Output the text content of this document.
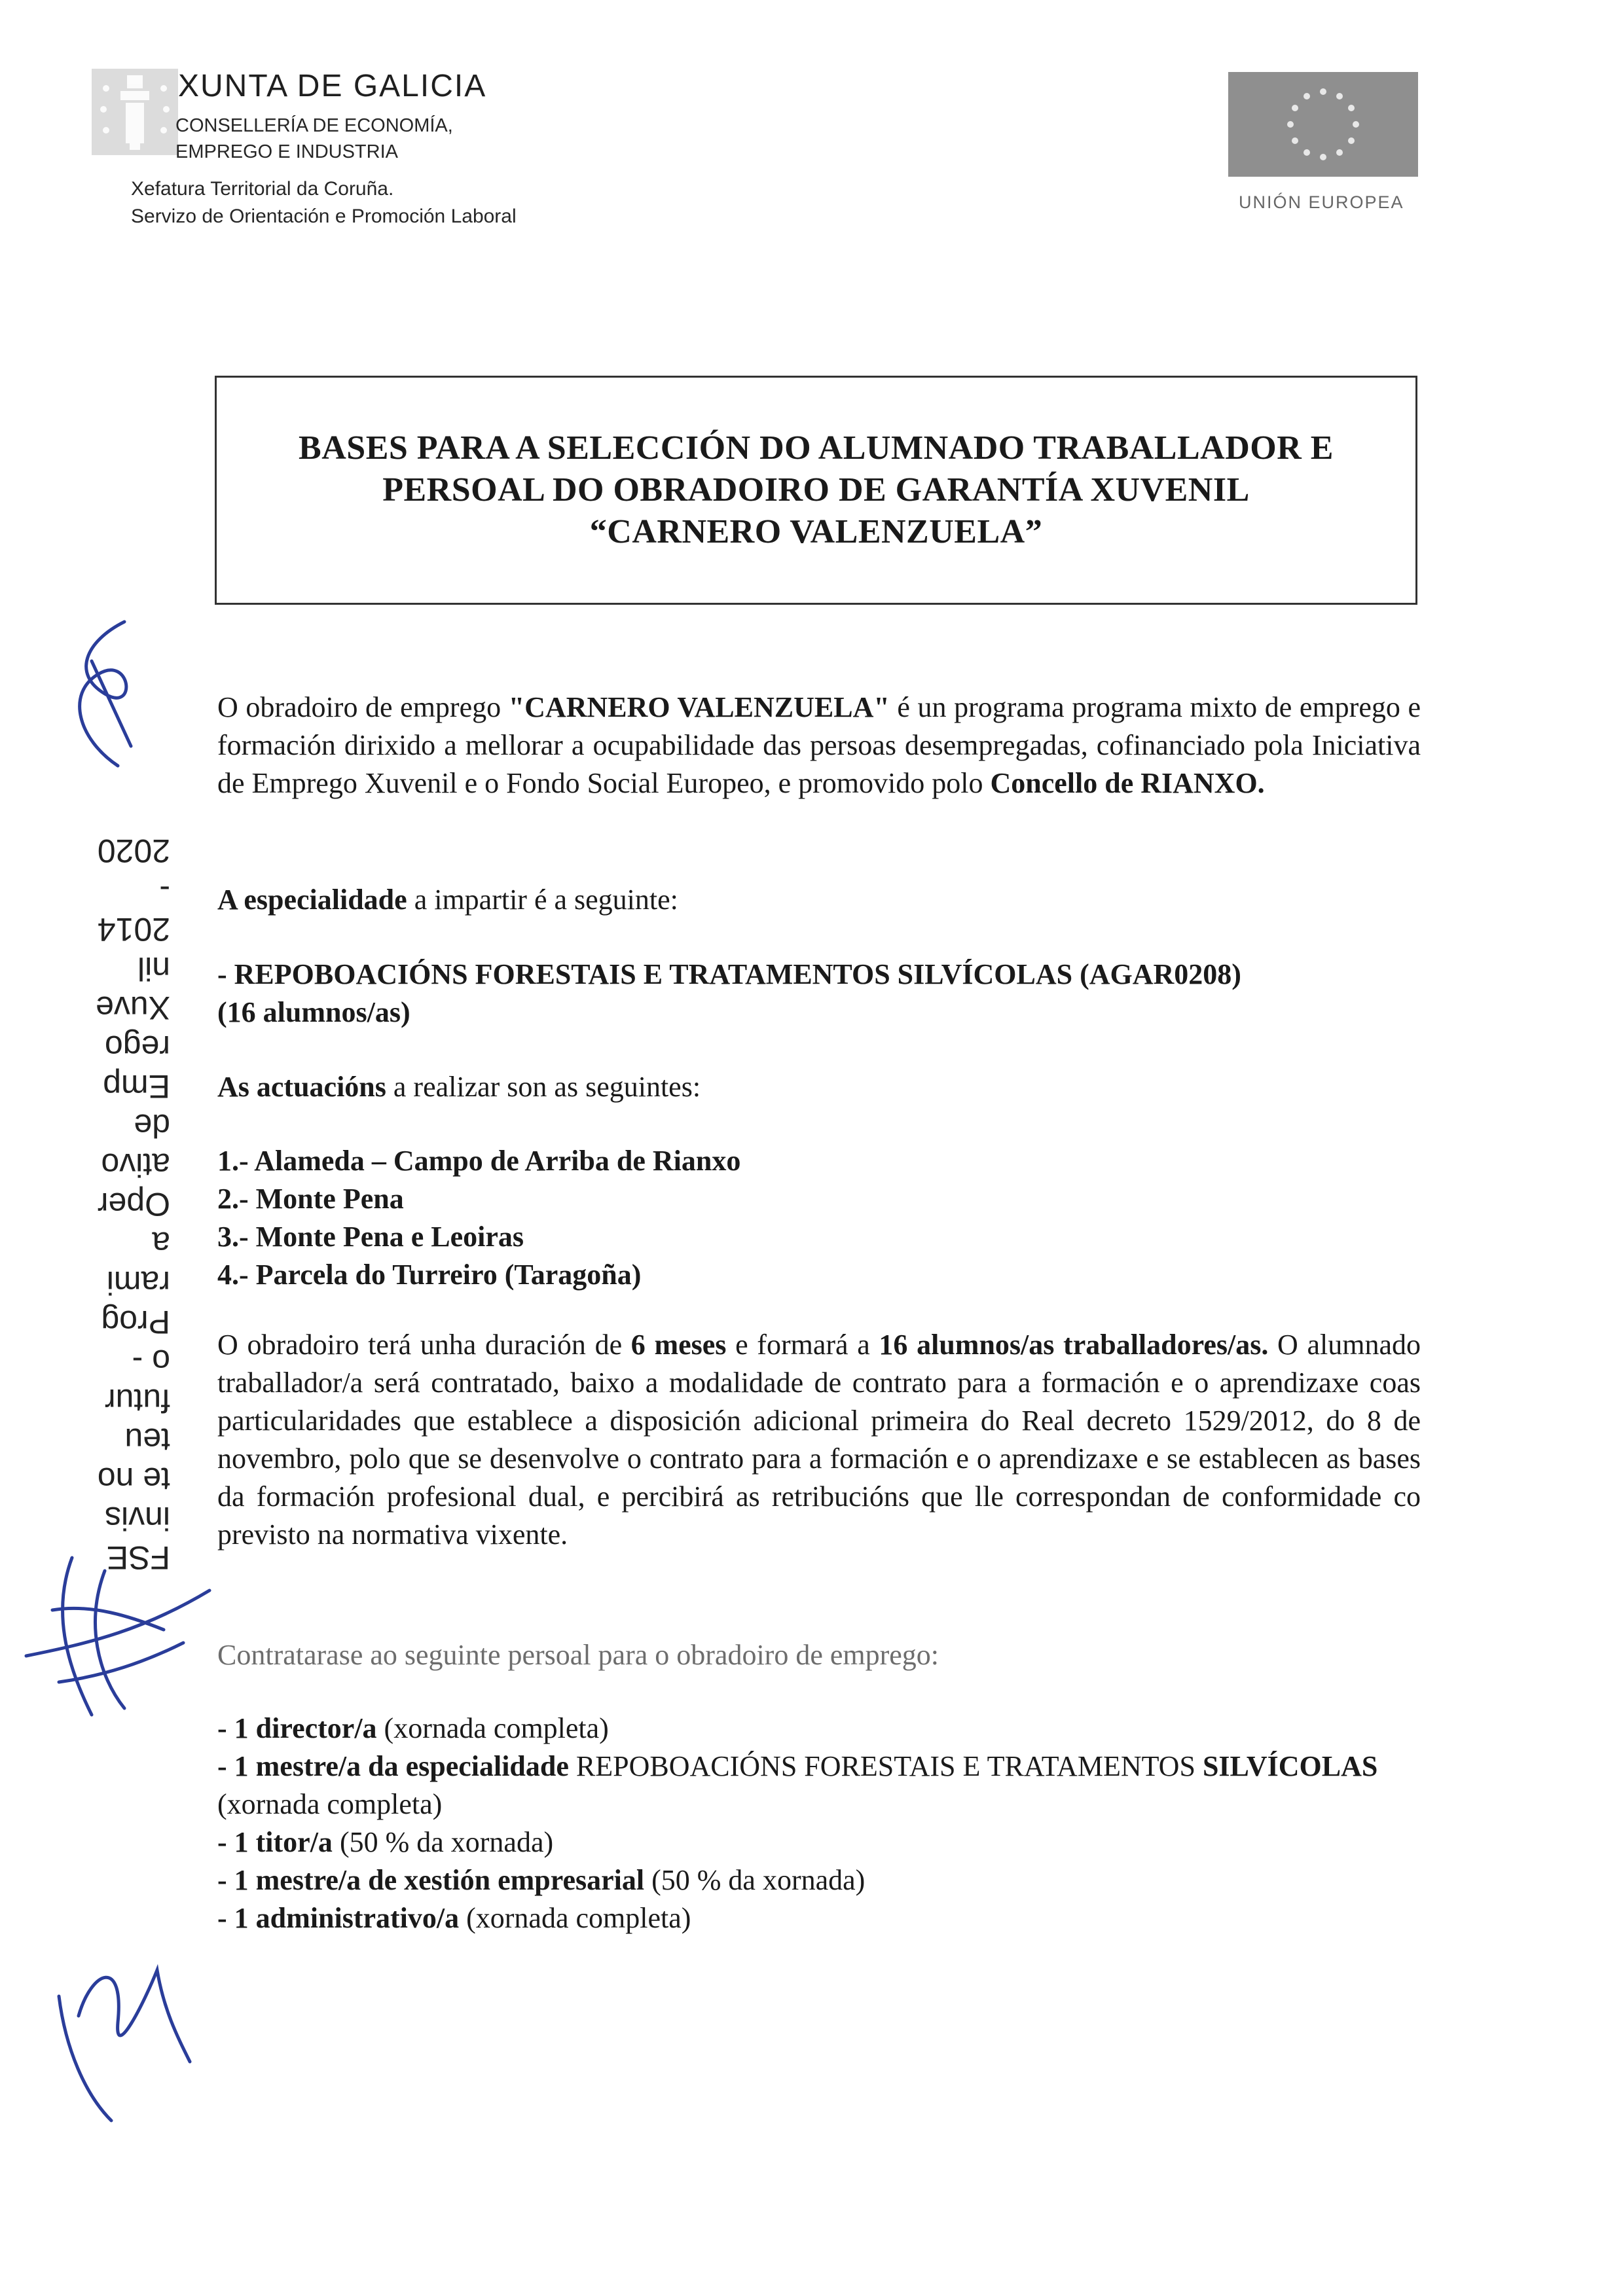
XUNTA DE GALICIA
CONSELLERÍA DE ECONOMÍA,
EMPREGO E INDUSTRIA
Xefatura Territorial da Coruña.
Servizo de Orientación e Promoción Laboral
UNIÓN EUROPEA
BASES PARA A SELECCIÓN DO ALUMNADO TRABALLADOR E
PERSOAL DO OBRADOIRO DE GARANTÍA XUVENIL
“CARNERO VALENZUELA”

O obradoiro de emprego "CARNERO VALENZUELA" é un programa programa mixto de emprego e formación dirixido a mellorar a ocupabilidade das persoas desempregadas, cofinanciado pola Iniciativa de Emprego Xuvenil e o Fondo Social Europeo, e promovido polo Concello de RIANXO.

A especialidade a impartir é a seguinte:

- REPOBOACIÓNS FORESTAIS E TRATAMENTOS SILVÍCOLAS (AGAR0208)

(16 alumnos/as)

As actuacións a realizar son as seguintes:

1.- Alameda – Campo de Arriba de Rianxo
2.- Monte Pena
3.- Monte Pena e Leoiras
4.- Parcela do Turreiro (Taragoña)

O obradoiro terá unha duración de 6 meses e formará a 16 alumnos/as traballadores/as. O alumnado traballador/a será contratado, baixo a modalidade de contrato para a formación e o aprendizaxe coas particularidades que establece a disposición adicional primeira do Real decreto 1529/2012, do 8 de novembro, polo que se desenvolve o contrato para a formación e o aprendizaxe e se establecen as bases da formación profesional dual, e percibirá as retribucións que lle correspondan de conformidade co previsto na normativa vixente.

Contratarase ao seguinte persoal para o obradoiro de emprego:

- 1 director/a (xornada completa)
- 1 mestre/a da especialidade REPOBOACIÓNS FORESTAIS E TRATAMENTOS SILVÍCOLAS (xornada completa)
- 1 titor/a (50 % da xornada)
- 1 mestre/a de xestión empresarial (50 % da xornada)
- 1 administrativo/a (xornada completa)
FSE
invis
te no
teu
futur
o -
Prog
rami
a
Oper
ativo
de
Emp
rego
Xuve
nil
2014
-
2020
